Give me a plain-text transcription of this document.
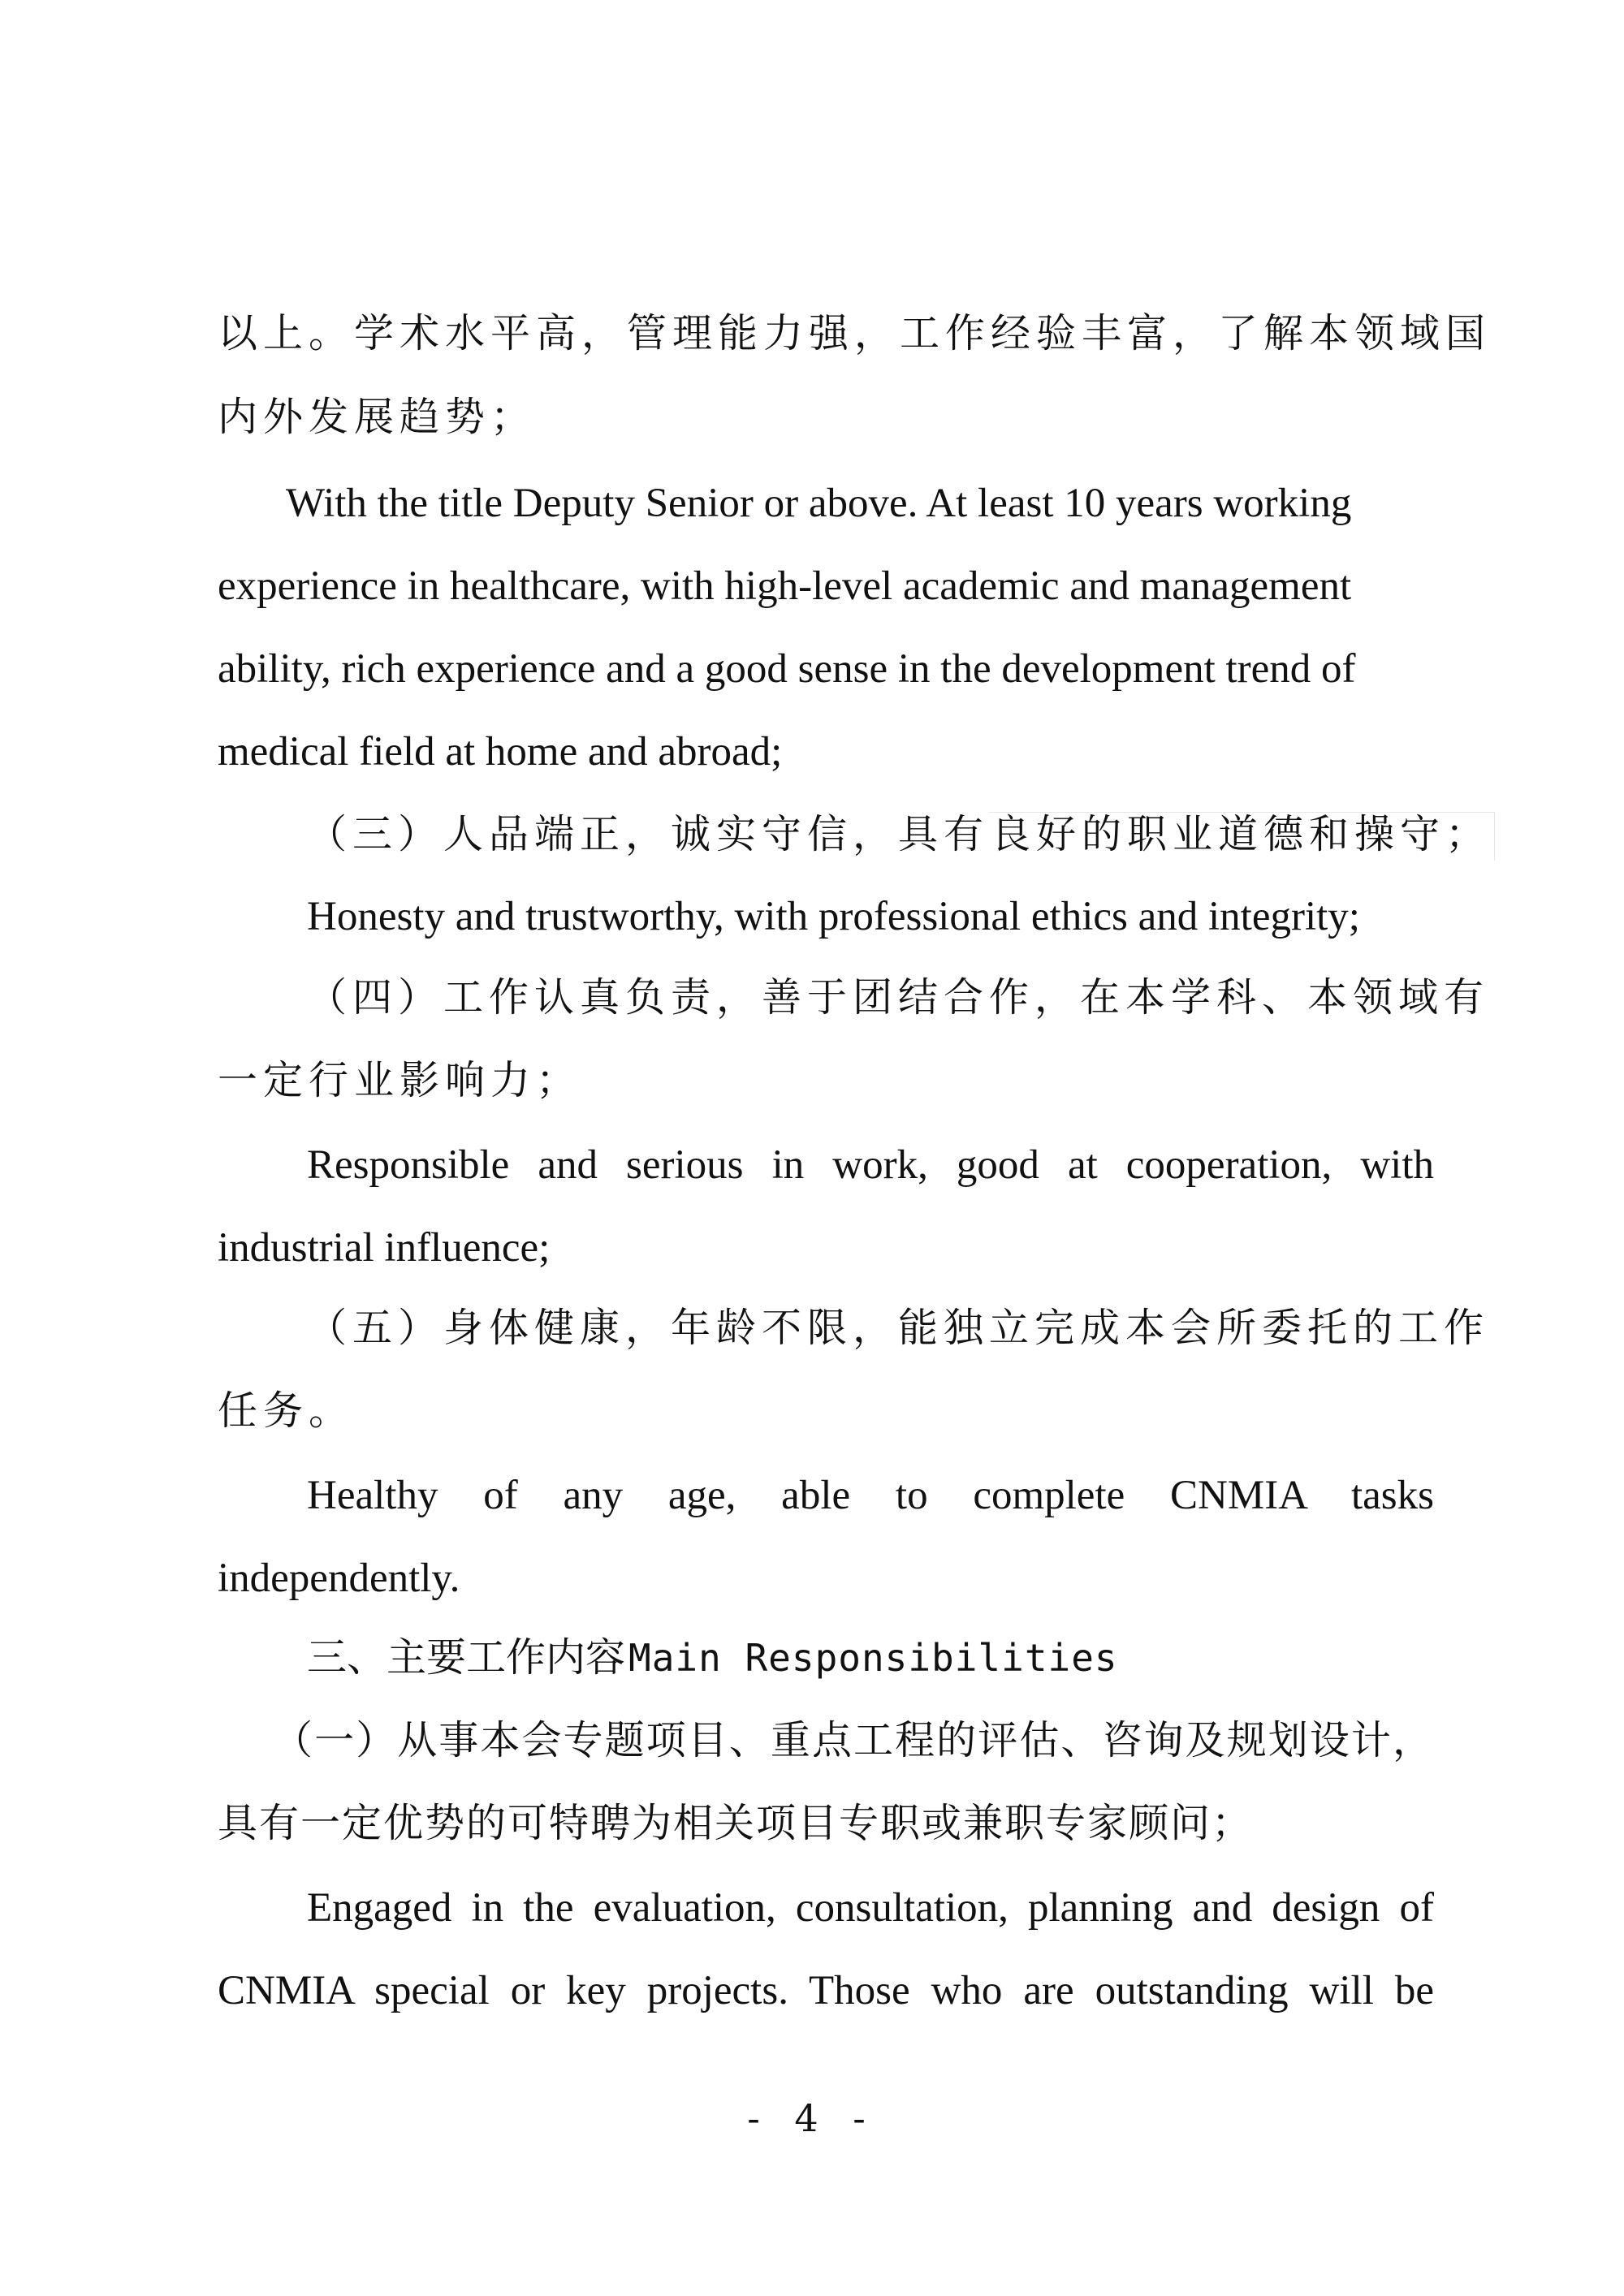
以上。学术水平高，管理能力强，工作经验丰富，了解本领域国
内外发展趋势；
With the title Deputy Senior or above. At least 10 years working
experience in healthcare, with high-level academic and management
ability, rich experience and a good sense in the development trend of
medical field at home and abroad;
（三）人品端正，诚实守信，具有良好的职业道德和操守；
Honesty and trustworthy, with professional ethics and integrity;
（四）工作认真负责，善于团结合作，在本学科、本领域有
一定行业影响力；
Responsible and serious in work, good at cooperation, with
industrial influence;
（五）身体健康，年龄不限，能独立完成本会所委托的工作
任务。
Healthy of any age, able to complete CNMIA tasks
independently.
三、主要工作内容 Main Responsibilities
（一）从事本会专题项目、重点工程的评估、咨询及规划设计，
具有一定优势的可特聘为相关项目专职或兼职专家顾问；
Engaged in the evaluation, consultation, planning and design of
CNMIA special or key projects. Those who are outstanding will be
- 4 -
